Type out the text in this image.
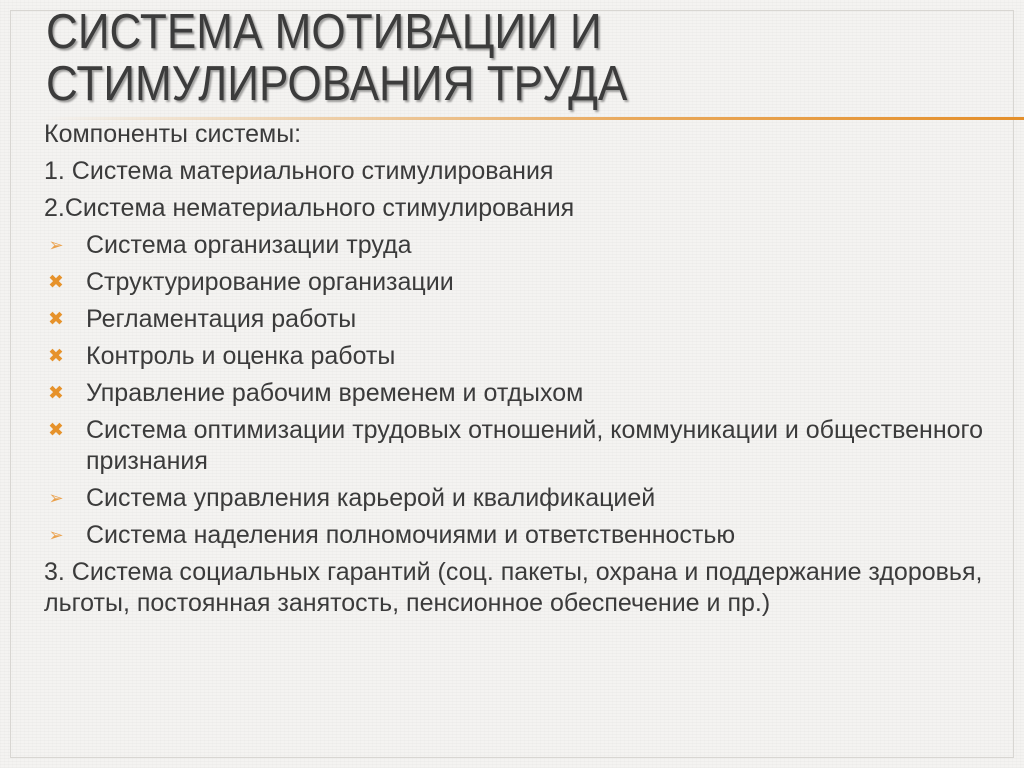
СИСТЕМА МОТИВАЦИИ И СТИМУЛИРОВАНИЯ ТРУДА

Компоненты системы:

1. Система материального стимулирования

2.Система нематериального стимулирования

➢ Система организации труда

✖ Структурирование организации

✖ Регламентация работы

✖ Контроль и оценка работы

✖ Управление рабочим временем и отдыхом

✖ Система оптимизации трудовых отношений, коммуникации и общественного признания

➢ Система управления карьерой и квалификацией

➢ Система наделения полномочиями и ответственностью

3. Система социальных гарантий (соц. пакеты, охрана и поддержание здоровья, льготы, постоянная занятость, пенсионное обеспечение и пр.)
